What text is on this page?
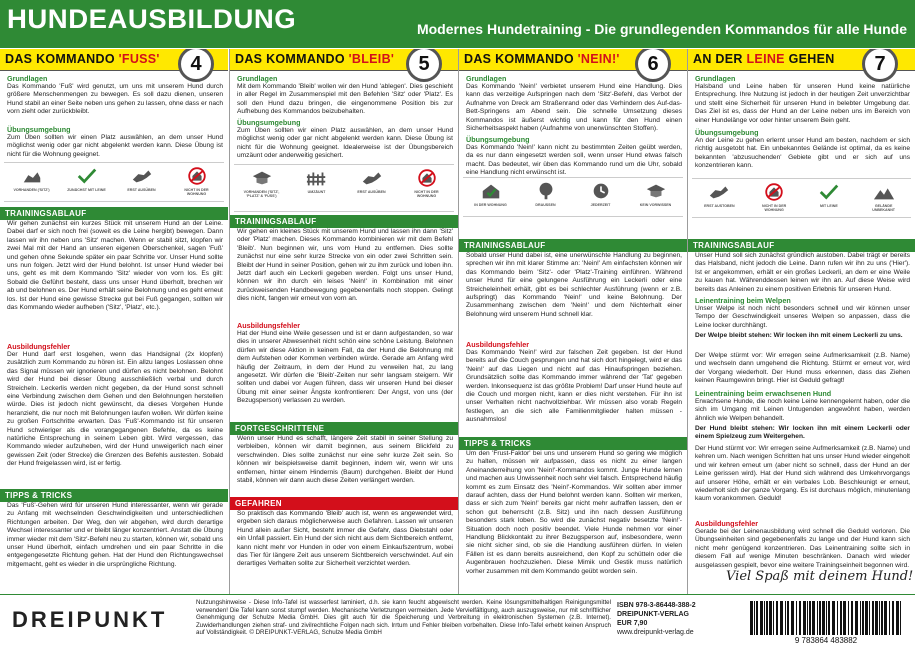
HUNDEAUSBILDUNG	Modernes Hundetraining - Die grundlegenden Kommandos für alle Hunde
DAS KOMMANDO 'FUSS'	4
Grundlagen
Das Kommando 'Fuß' wird genutzt, um uns mit unserem Hund durch größere Menschenmengen zu bewegen. Es soll dazu dienen, unseren Hund stabil an einer Seite neben uns gehen zu lassen, ohne dass er nach vorn zieht oder zurückbleibt.
Übungsumgebung
Zum Üben sollten wir einen Platz auswählen, an dem unser Hund möglichst wenig oder gar nicht abgelenkt werden kann. Diese Übung ist nicht für die Wohnung geeignet.
VORHANDEN ('SITZ')	ZUNÄCHST MIT LEINE	ERST AUSÜBEN	NICHT IN DER WOHNUNG
TRAININGSABLAUF
Wir gehen zunächst ein kurzes Stück mit unserem Hund an der Leine. Dabei darf er sich noch frei (soweit es die Leine hergibt) bewegen. Dann lassen wir ihn neben uns 'Sitz' machen. Wenn er stabil sitzt, klopfen wir zwei Mal mit der Hand an unseren eigenen Oberschenkel, sagen 'Fuß' und gehen ohne Sekunde später ein paar Schritte vor. Unser Hund sollte uns nun folgen. Jetzt wird der Hund belohnt. Ist unser Hund wieder bei uns, geht es mit dem Kommando 'Sitz' wieder von vorn los. Es gilt: Sobald die Geführt besteht, dass uns unser Hund überholt, brechen wir ab und belohnen es. Der Hund erhält seine Belohnung und es geht erneut los. Ist der Hund eine gewisse Strecke gut bei Fuß gegangen, sollten wir das Kommando wieder aufheben ('Sitz', 'Platz', etc.).
Ausbildungsfehler
Der Hund darf erst losgehen, wenn das Handsignal (2x klopfen) zusätzlich zum Kommando zu hören ist. Ein allzu langes Loslassen ohne das Signal müssen wir ignorieren und dürfen es nicht belohnen. Belohnt wird der Hund bei dieser Übung ausschließlich verbal und durch Streicheln. Leckerlis werden nicht gegeben, da der Hund sonst schnell eine Verbindung zwischen dem Gehen und den Belohnungen herstellen würde. Dies ist jedoch nicht gewünscht, da dieses Vorgehen Hunde heranzieht, die nur noch mit Belohnungen laufen wollen. Wir dürfen keine zu großen Fortschritte erwarten. Das 'Fuß'-Kommando ist für unseren Hund schwieriger als die vorangegangenen Befehle, da es keine natürliche Entsprechung in seinem Leben gibt. Wird vergessen, das Kommando wieder aufzuheben, wird der Hund unweigerlich nach einer gewissen Zeit (oder Strecke) die Grenzen des Befehls austesten. Sobald der Hund freigelassen wird, ist er fertig.
TIPPS & TRICKS
Das 'Fuß'-Gehen wird für unseren Hund interessanter, wenn wir gerade zu Anfang mit wechselnden Geschwindigkeiten und unterschiedlichen Richtungen arbeiten. Der Weg, den wir abgehen, wird durch derartige Wechsel interessanter und er bleibt länger konzentriert. Anstatt die Übung immer wieder mit dem 'Sitz'-Befehl neu zu starten, können wir, sobald uns unser Hund überholt, einfach umdrehen und ein paar Schritte in die entgegengesetzte Richtung gehen. Hat der Hund den Richtungswechsel mitgemacht, geht es wieder in die ursprüngliche Richtung.
DAS KOMMANDO 'BLEIB'	5
Grundlagen
Mit dem Kommando 'Bleib' wollen wir den Hund 'ablegen'. Dies geschieht in aller Regel im Zusammenspiel mit den Befehlen 'Sitz' oder 'Platz'. Es soll den Hund dazu bringen, die eingenommene Position bis zur Aufhebung des Kommandos beizubehalten.
Übungsumgebung
Zum Üben sollten wir einen Platz auswählen, an dem unser Hund möglichst wenig oder gar nicht abgelenkt werden kann. Diese Übung ist nicht für die Wohnung geeignet. Idealerweise ist der Übungsbereich umzäunt oder anderweitig gesichert.
VORHANDEN ('SITZ', 'PLATZ' & 'FUSS')
UMZÄUNT	ERST AUSÜBEN	NICHT IN DER WOHNUNG
TRAININGSABLAUF
Wir gehen ein kleines Stück mit unserem Hund und lassen ihn dann 'Sitz' oder 'Platz' machen. Dieses Kommando kombinieren wir mit dem Befehl 'Bleib'. Nun beginnen wir, uns vom Hund zu entfernen. Dies sollte zunächst nur eine sehr kurze Strecke von ein oder zwei Schritten sein. Bleibt der Hund in seiner Position, gehen wir zu ihm zurück und loben ihn. Jetzt darf auch ein Leckerli gegeben werden. Folgt uns unser Hund, können wir ihn durch ein leises 'Nein!' in Kombination mit einer zurückweisenden Handbewegung gegebenenfalls noch stoppen. Gelingt dies nicht, fangen wir erneut von vorn an.
Ausbildungsfehler
Hat der Hund eine Weile gesessen und ist er dann aufgestanden, so war dies in unserer Abwesenheit nicht schön eine schöne Leistung. Belohnen dürfen wir diese Aktion in keinem Fall, da der Hund die Belohnung mit dem Aufstehen oder Kommen verbinden würde. Gerade am Anfang wird häufig der Zeitraum, in dem der Hund zu verweilen hat, zu lang angesetzt. Wir dürfen die 'Bleib'-Zeiten nur sehr langsam steigern. Wir sollten und dabei vor Augen führen, dass wir unseren Hund bei dieser Übung mit einer seiner Ängste konfrontieren: Der Angst, von uns (der Bezugsperson) verlassen zu werden.
FORTGESCHRITTENE
Wenn unser Hund es schafft, längere Zeit stabil in seiner Stellung zu verbleiben, können wir damit beginnen, aus seinem Blickfeld zu verschwinden. Dies sollte zunächst nur eine sehr kurze Zeit sein. So können wir beispielsweise damit beginnen, indem wir, wenn wir uns entfernen, hinter einem Hindernis (Baum) durchgehen. Bleibt der Hund stabil, können wir dann auch diese Zeiten verlängert werden.
GEFAHREN
So praktisch das Kommando 'Bleib' auch ist, wenn es angewendet wird, ergeben sich daraus möglicherweise auch Gefahren. Lassen wir unseren Hund allein außer Sicht, besteht immer die Gefahr, dass Diebstahl oder ein Unfall passiert. Ein Hund der sich nicht aus dem Sichtbereich entfernt, kann nicht mehr vor Hunden in oder von einem Einkaufszentrum, wobei das Tier für längere Zeit aus unserem Sichtbereich verschwindet. Auf ein derartiges Verhalten sollte zur Sicherheit verzichtet werden.
DAS KOMMANDO 'NEIN!'	6
Grundlagen
Das Kommando 'Nein!' verbietet unserem Hund eine Handlung. Dies kann das verzeitige Aufspringen nach dem 'Sitz'-Befehl, das Verbot der Aufnahme von Dreck am Straßenrand oder das Verhindern des Auf-das-Bett-Springens am Abend sein. Die schnelle Umsetzung dieses Kommandos ist äußerst wichtig und kann für den Hund einen Sicherheitsaspekt haben (Aufnahme von unerwünschten Stoffen).
Übungsumgebung
Das Kommando 'Nein!' kann nicht zu bestimmten Zeiten geübt werden, da es nur dann eingesetzt werden soll, wenn unser Hund etwas falsch macht. Das bedeutet, wir üben das Kommando rund um die Uhr, sobald eine Handlung nicht erwünscht ist.
IN DER WOHNUNG	DRAUSSEN	JEDERZEIT	KEIN VORWISSEN
TRAININGSABLAUF
Sobald unser Hund dabei ist, eine unerwünschte Handlung zu beginnen, sprechen wir ihn mit klarer Stimme an: 'Nein!' Am einfachsten können wir das Kommando beim 'Sitz'- oder 'Platz'-Training einführen. Während unser Hund für eine gelungene Ausführung ein Leckerli oder eine Streicheleinheit erhält, gibt es bei schlechter Ausführung (wenn er z.B. aufspringt) das Kommando 'Nein!' und keine Belohnung. Der Zusammenhang zwischen dem 'Nein!' und dem Nichterhalt einer Belohnung wird unserem Hund schnell klar.
Ausbildungsfehler
Das Kommando 'Nein!' wird zur falschen Zeit gegeben. Ist der Hund bereits auf die Couch gesprungen und hat sich dort hingelegt, wird er das 'Nein!' auf das Liegen und nicht auf das Hinaufspringen beziehen. Grundsätzlich sollte das Kommando immer während der 'Tat' gegeben werden. Inkonsequenz ist das größte Problem! Darf unser Hund heute auf die Couch und morgen nicht, kann er dies nicht verstehen. Für ihn ist unser Verhalten nicht nachvollziehbar. Wir müssen also vorab Regeln festlegen, an die sich alle Familienmitglieder halten müssen - ausnahmslos!
TIPPS & TRICKS
Um den 'Frust-Faktor' bei uns und unserem Hund so gering wie möglich zu halten, müssen wir aufpassen, dass es nicht zu einer langen Aneinanderreihung von 'Nein!'-Kommandos kommt. Junge Hunde lernen und machen aus Unwissenheit noch sehr viel falsch. Entsprechend häufig kommt es zum Einsatz des 'Nein!'-Kommandos. Wir sollten aber immer darauf achten, dass der Hund belohnt werden kann. Sollten wir merken, dass er sich zum 'Nein!' bereits gar nicht mehr aufraffen lassen, den er schon gut beherrscht (z.B. Sitz) und ihn nach dessen Ausführung besonders stark loben. So wird die zunächst negativ besetzte 'Nein!'-Situation doch noch positiv beendet. Viele Hunde nehmen vor einer Handlung Blickkontakt zu ihrer Bezugsperson auf, insbesondere, wenn sie nicht sicher sind, ob sie die Handlung ausführen dürfen. In vielen Fällen ist es dann bereits ausreichend, den Kopf zu schütteln oder die Augenbrauen hochzuziehen. Diese Mimik und Gestik muss natürlich vorher zusammen mit dem Kommando geübt worden sein.
AN DER LEINE GEHEN	7
Grundlagen
Halsband und Leine haben für unseren Hund keine natürliche Entsprechung. Ihre Nutzung ist jedoch in der heutigen Zeit unverzichtbar und stellt eine Sicherheit für unseren Hund in belebter Umgebung dar. Das Ziel ist es, dass der Hund an der Leine neben uns im Bereich von einer Hundelänge vor oder hinter unserem Bein geht.
Übungsumgebung
An der Leine zu gehen erlernt unser Hund am besten, nachdem er sich richtig ausgetobt hat. Ein unbekanntes Gelände ist optimal, da es keine bekannten 'abzusuchenden' Gebiete gibt und er sich auf uns konzentrieren kann.
ERST AUSTOBEN	NICHT IN DER WOHNUNG
MIT LEINE	GELÄNDE UNBEKANNT
TRAININGSABLAUF
Unser Hund soll sich zunächst gründlich austoben. Dabei trägt er bereits das Halsband, nicht jedoch die Leine. Dann rufen wir ihn zu uns ('Hier'). Ist er angekommen, erhält er ein großes Leckerli, an dem er eine Weile zu kauen hat. Währenddessen leinen wir ihn an. Auf diese Weise wird bereits das Anleinen zu einem positiven Erlebnis für unseren Hund.
Leinentraining beim Welpen
Unser Welpe ist noch nicht besonders schnell und wir können unser Tempo der Geschwindigkeit unseres Welpen so anpassen, dass die Leine locker durchhängt.
Der Welpe bleibt stehen: Wir locken ihn mit einem Leckerli zu uns.
Der Welpe stürmt vor: Wir erregen seine Aufmerksamkeit (z.B. Name) und wechseln dann umgehend die Richtung. Stürmt er erneut vor, wird der Vorgang wiederholt. Der Hund muss erkennen, dass das Ziehen keinen Raumgewinn bringt. Hier ist Geduld gefragt!
Leinentraining beim erwachsenen Hund
Erwachsene Hunde, die noch keine Leine kennengelernt haben, oder die sich im Umgang mit Leinen Untugenden angewöhnt haben, werden ähnlich wie Welpen behandelt.
Der Hund bleibt stehen: Wir locken ihn mit einem Leckerli oder einem Spielzeug zum Weitergehen.
Der Hund stürmt vor: Wir erregen seine Aufmerksamkeit (z.B. Name) und kehren um. Nach wenigen Schritten hat uns unser Hund wieder eingeholt und wir kehren erneut um (aber nicht so schnell, dass der Hund an der Leine gerissen wird). Hat der Hund sich während des Umkehrvorgangs auf unserer Höhe, erhält er ein verbales Lob. Beschleunigt er erneut, wiederholt sich der ganze Vorgang. Es ist durchaus möglich, minutenlang kaum vorankommen. Geduld!
Ausbildungsfehler
Gerade bei der Leinenausbildung wird schnell die Geduld verloren. Die Übungseinheiten sind gegebenenfalls zu lange und der Hund kann sich nicht mehr genügend konzentrieren. Das Leinentraining sollte sich in diesem Fall auf wenige Minuten beschränken. Danach wird wieder ausgelassen gespielt, bevor eine weitere Trainingseinheit begonnen wird.
Viel Spaß mit deinem Hund!
DREIPUNKT
Nutzungshinweise - Diese Info-Tafel ist wasserfest laminiert, d.h. sie kann feucht abgewischt werden. Keine lösungsmittelhaltigen Reinigungsmittel verwenden! Die Tafel kann sonst stumpf werden. Mechanische Verletzungen vermeiden. Jede Vervielfältigung, auch auszugsweise, nur mit schriftlicher Genehmigung der Schulze Media GmbH. Dies gilt auch für die Speicherung und Verbreitung in elektronischen Systemen (z.B. Internet). Zuwiderhandlungen ziehen straf- und zivilrechtliche Folgen nach sich. Irrtum und Fehler bleiben vorbehalten. Diese Info-Tafel erhebt keinen Anspruch auf Vollständigkeit. © DREIPUNKT-VERLAG, Schulze Media GmbH
ISBN 978-3-86448-388-2
DREIPUNKT-VERLAG
EUR 7,90
www.dreipunkt-verlag.de
9 783864 483882
